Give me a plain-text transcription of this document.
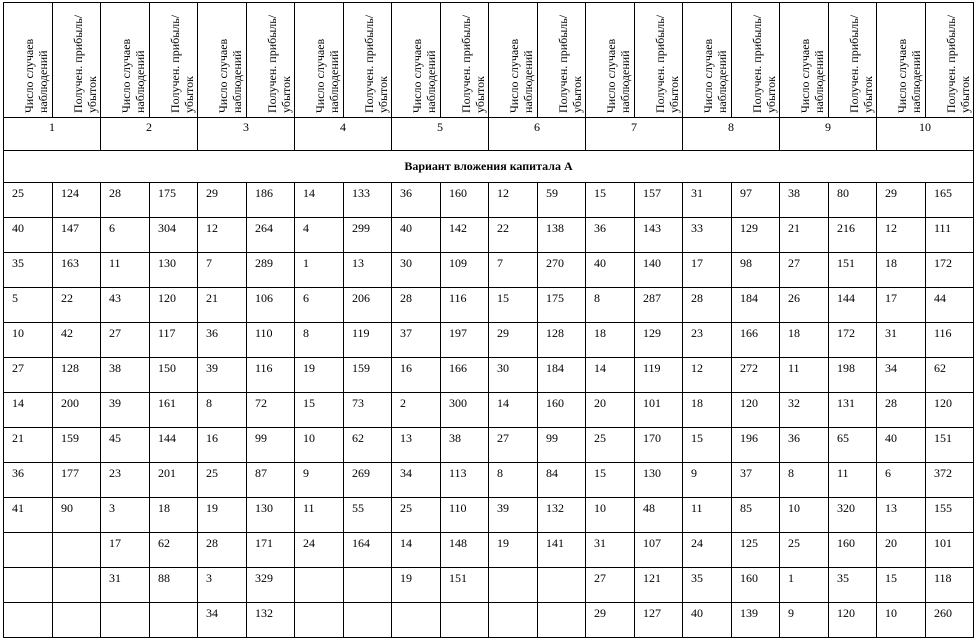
Число случаев наблюдений	Получен. прибыль/убыток	Число случаев наблюдений	Получен. прибыль/убыток	Число случаев наблюдений	Получен. прибыль/убыток	Число случаев наблюдений	Получен. прибыль/убыток	Число случаев наблюдений	Получен. прибыль/убыток	Число случаев наблюдений	Получен. прибыль/убыток	Число случаев наблюдений	Получен. прибыль/убыток	Число случаев наблюдений	Получен. прибыль/убыток	Число случаев наблюдений	Получен. прибыль/убыток	Число случаев наблюдений	Получен. прибыль/убыток

1		2		3		4		5		6		7		8		9		10	
Вариант вложения капитала А																			
25	124	28	175	29	186	14	133	36	160	12	59	15	157	31	97	38	80	29	165
40	147	6	304	12	264	4	299	40	142	22	138	36	143	33	129	21	216	12	111
35	163	11	130	7	289	1	13	30	109	7	270	40	140	17	98	27	151	18	172
5	22	43	120	21	106	6	206	28	116	15	175	8	287	28	184	26	144	17	44
10	42	27	117	36	110	8	119	37	197	29	128	18	129	23	166	18	172	31	116
27	128	38	150	39	116	19	159	16	166	30	184	14	119	12	272	11	198	34	62
14	200	39	161	8	72	15	73	2	300	14	160	20	101	18	120	32	131	28	120
21	159	45	144	16	99	10	62	13	38	27	99	25	170	15	196	36	65	40	151
36	177	23	201	25	87	9	269	34	113	8	84	15	130	9	37	8	11	6	372
41	90	3	18	19	130	11	55	25	110	39	132	10	48	11	85	10	320	13	155
		17	62	28	171	24	164	14	148	19	141	31	107	24	125	25	160	20	101
		31	88	3	329			19	151			27	121	35	160	1	35	15	118
				34	132							29	127	40	139	9	120	10	260
